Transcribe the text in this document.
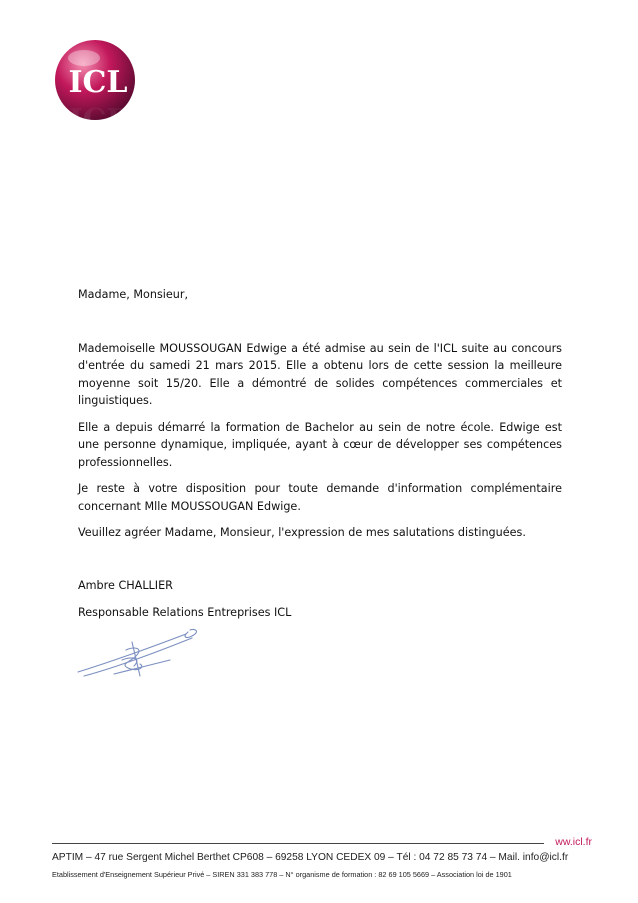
ICL
ICL

Madame, Monsieur,

Mademoiselle MOUSSOUGAN Edwige a été admise au sein de l'ICL suite au concours d'entrée du samedi 21 mars 2015. Elle a obtenu lors de cette session la meilleure moyenne soit 15/20. Elle a démontré de solides compétences commerciales et linguistiques.

Elle a depuis démarré la formation de Bachelor au sein de notre école. Edwige est une personne dynamique, impliquée, ayant à cœur de développer ses compétences professionnelles.

Je reste à votre disposition pour toute demande d'information complémentaire concernant Mlle MOUSSOUGAN Edwige.

Veuillez agréer Madame, Monsieur, l'expression de mes salutations distinguées.

Ambre CHALLIER

Responsable Relations Entreprises ICL

ww.icl.fr
APTIM – 47 rue Sergent Michel Berthet CP608 – 69258 LYON CEDEX 09 – Tél : 04 72 85 73 74 – Mail. info@icl.fr
Etablissement d'Enseignement Supérieur Privé – SIREN 331 383 778 – N° organisme de formation : 82 69 105 5669 – Association loi de 1901
